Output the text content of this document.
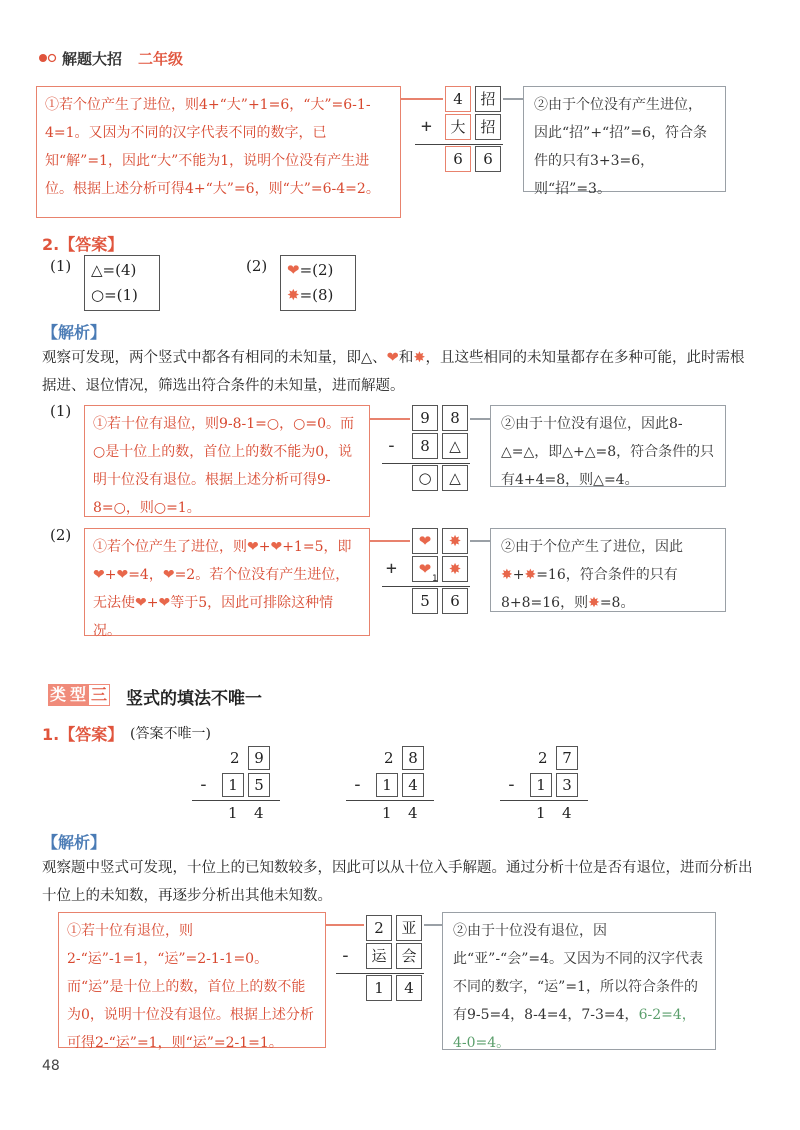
解题大招 二年级
①若个位产生了进位，则4+“大”+1=6，“大”=6-1-4=1。又因为不同的汉字代表不同的数字，已知“解”=1，因此“大”不能为1，说明个位没有产生进位。根据上述分析可得4+“大”=6，则“大”=6-4=2。
4	招
+	大 招
6	6
②由于个位没有产生进位，因此“招”+“招”=6，符合条件的只有3+3=6，则“招”=3。
2.【答案】
(1) △=(4)
○=(1)
(2) ❤=(2)
✸=(8)
【解析】
观察可发现，两个竖式中都各有相同的未知量，即△、❤和✸，且这些相同的未知量都存在多种可能，此时需根据进、退位情况，筛选出符合条件的未知量，进而解题。
(1)
①若十位有退位，则9-8-1=○，○=0。而○是十位上的数，首位上的数不能为0，说明十位没有退位。根据上述分析可得9-8=○，则○=1。
9	8
-	8	△
○	△
②由于十位没有退位，因此8-△=△，即△+△=8，符合条件的只有4+4=8，则△=4。
(2)
①若个位产生了进位，则❤+❤+1=5，即❤+❤=4，❤=2。若个位没有产生进位，无法使❤+❤等于5，因此可排除这种情况。
❤	✸
+	❤	✸
1
5	6
②由于个位产生了进位，因此✸+✸=16，符合条件的只有8+8=16，则✸=8。
类 型 三 竖式的填法不唯一
1.【答案】 (答案不唯一)
2 9
-	1	5
1 4
2 8
-	1	4
1 4
2 7
-	1	3
1 4
【解析】
观察题中竖式可发现，十位上的已知数较多，因此可以从十位入手解题。通过分析十位是否有退位，进而分析出十位上的未知数，再逐步分析出其他未知数。
①若十位有退位，则2-“运”-1=1，“运”=2-1-1=0。而“运”是十位上的数，首位上的数不能为0，说明十位没有退位。根据上述分析可得2-“运”=1，则“运”=2-1=1。
2	亚
-	运 会
1	4
②由于十位没有退位，因此“亚”-“会”=4。又因为不同的汉字代表不同的数字，“运”=1，所以符合条件的有9-5=4，8-4=4，7-3=4，6-2=4，4-0=4。
48
